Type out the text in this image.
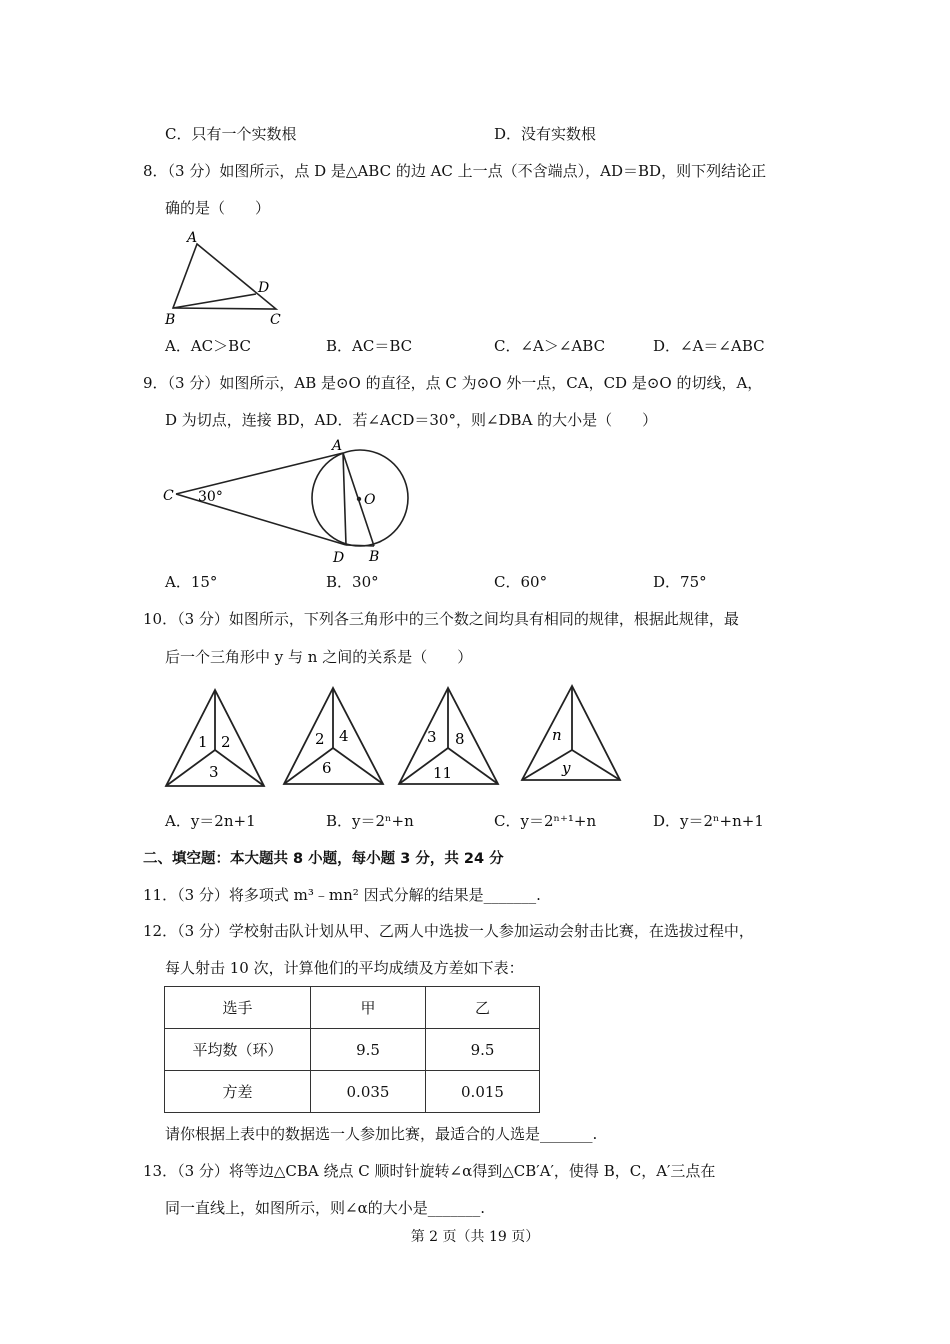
C．只有一个实数根	D．没有实数根
8．（3 分）如图所示，点 D 是△ABC 的边 AC 上一点（不含端点），AD＝BD，则下列结论正
确的是（　　）
A
B	C
D
A．AC＞BC	B．AC＝BC	C．∠A＞∠ABC	D．∠A＝∠ABC
9．（3 分）如图所示，AB 是⊙O 的直径，点 C 为⊙O 外一点，CA，CD 是⊙O 的切线，A，
D 为切点，连接 BD，AD．若∠ACD＝30°，则∠DBA 的大小是（　　）
C 30°
A
O
D B
A．15°	B．30°	C．60°	D．75°
10．（3 分）如图所示，下列各三角形中的三个数之间均具有相同的规律，根据此规律，最
后一个三角形中 y 与 n 之间的关系是（　　）
1 2
3
2 4
6
3 8
11
n
y
A．y＝2n+1	B．y＝2ⁿ+n	C．y＝2ⁿ⁺¹+n	D．y＝2ⁿ+n+1
二、填空题：本大题共 8 小题，每小题 3 分，共 24 分
11．（3 分）将多项式 m³﹣mn² 因式分解的结果是_______.
12．（3 分）学校射击队计划从甲、乙两人中选拔一人参加运动会射击比赛，在选拔过程中，
每人射击 10 次，计算他们的平均成绩及方差如下表：
选手	甲	乙
平均数（环）	9.5	9.5
方差	0.035	0.015
请你根据上表中的数据选一人参加比赛，最适合的人选是_______.
13．（3 分）将等边△CBA 绕点 C 顺时针旋转∠α得到△CB′A′，使得 B，C，A′三点在
同一直线上，如图所示，则∠α的大小是_______.
第 2 页（共 19 页）
